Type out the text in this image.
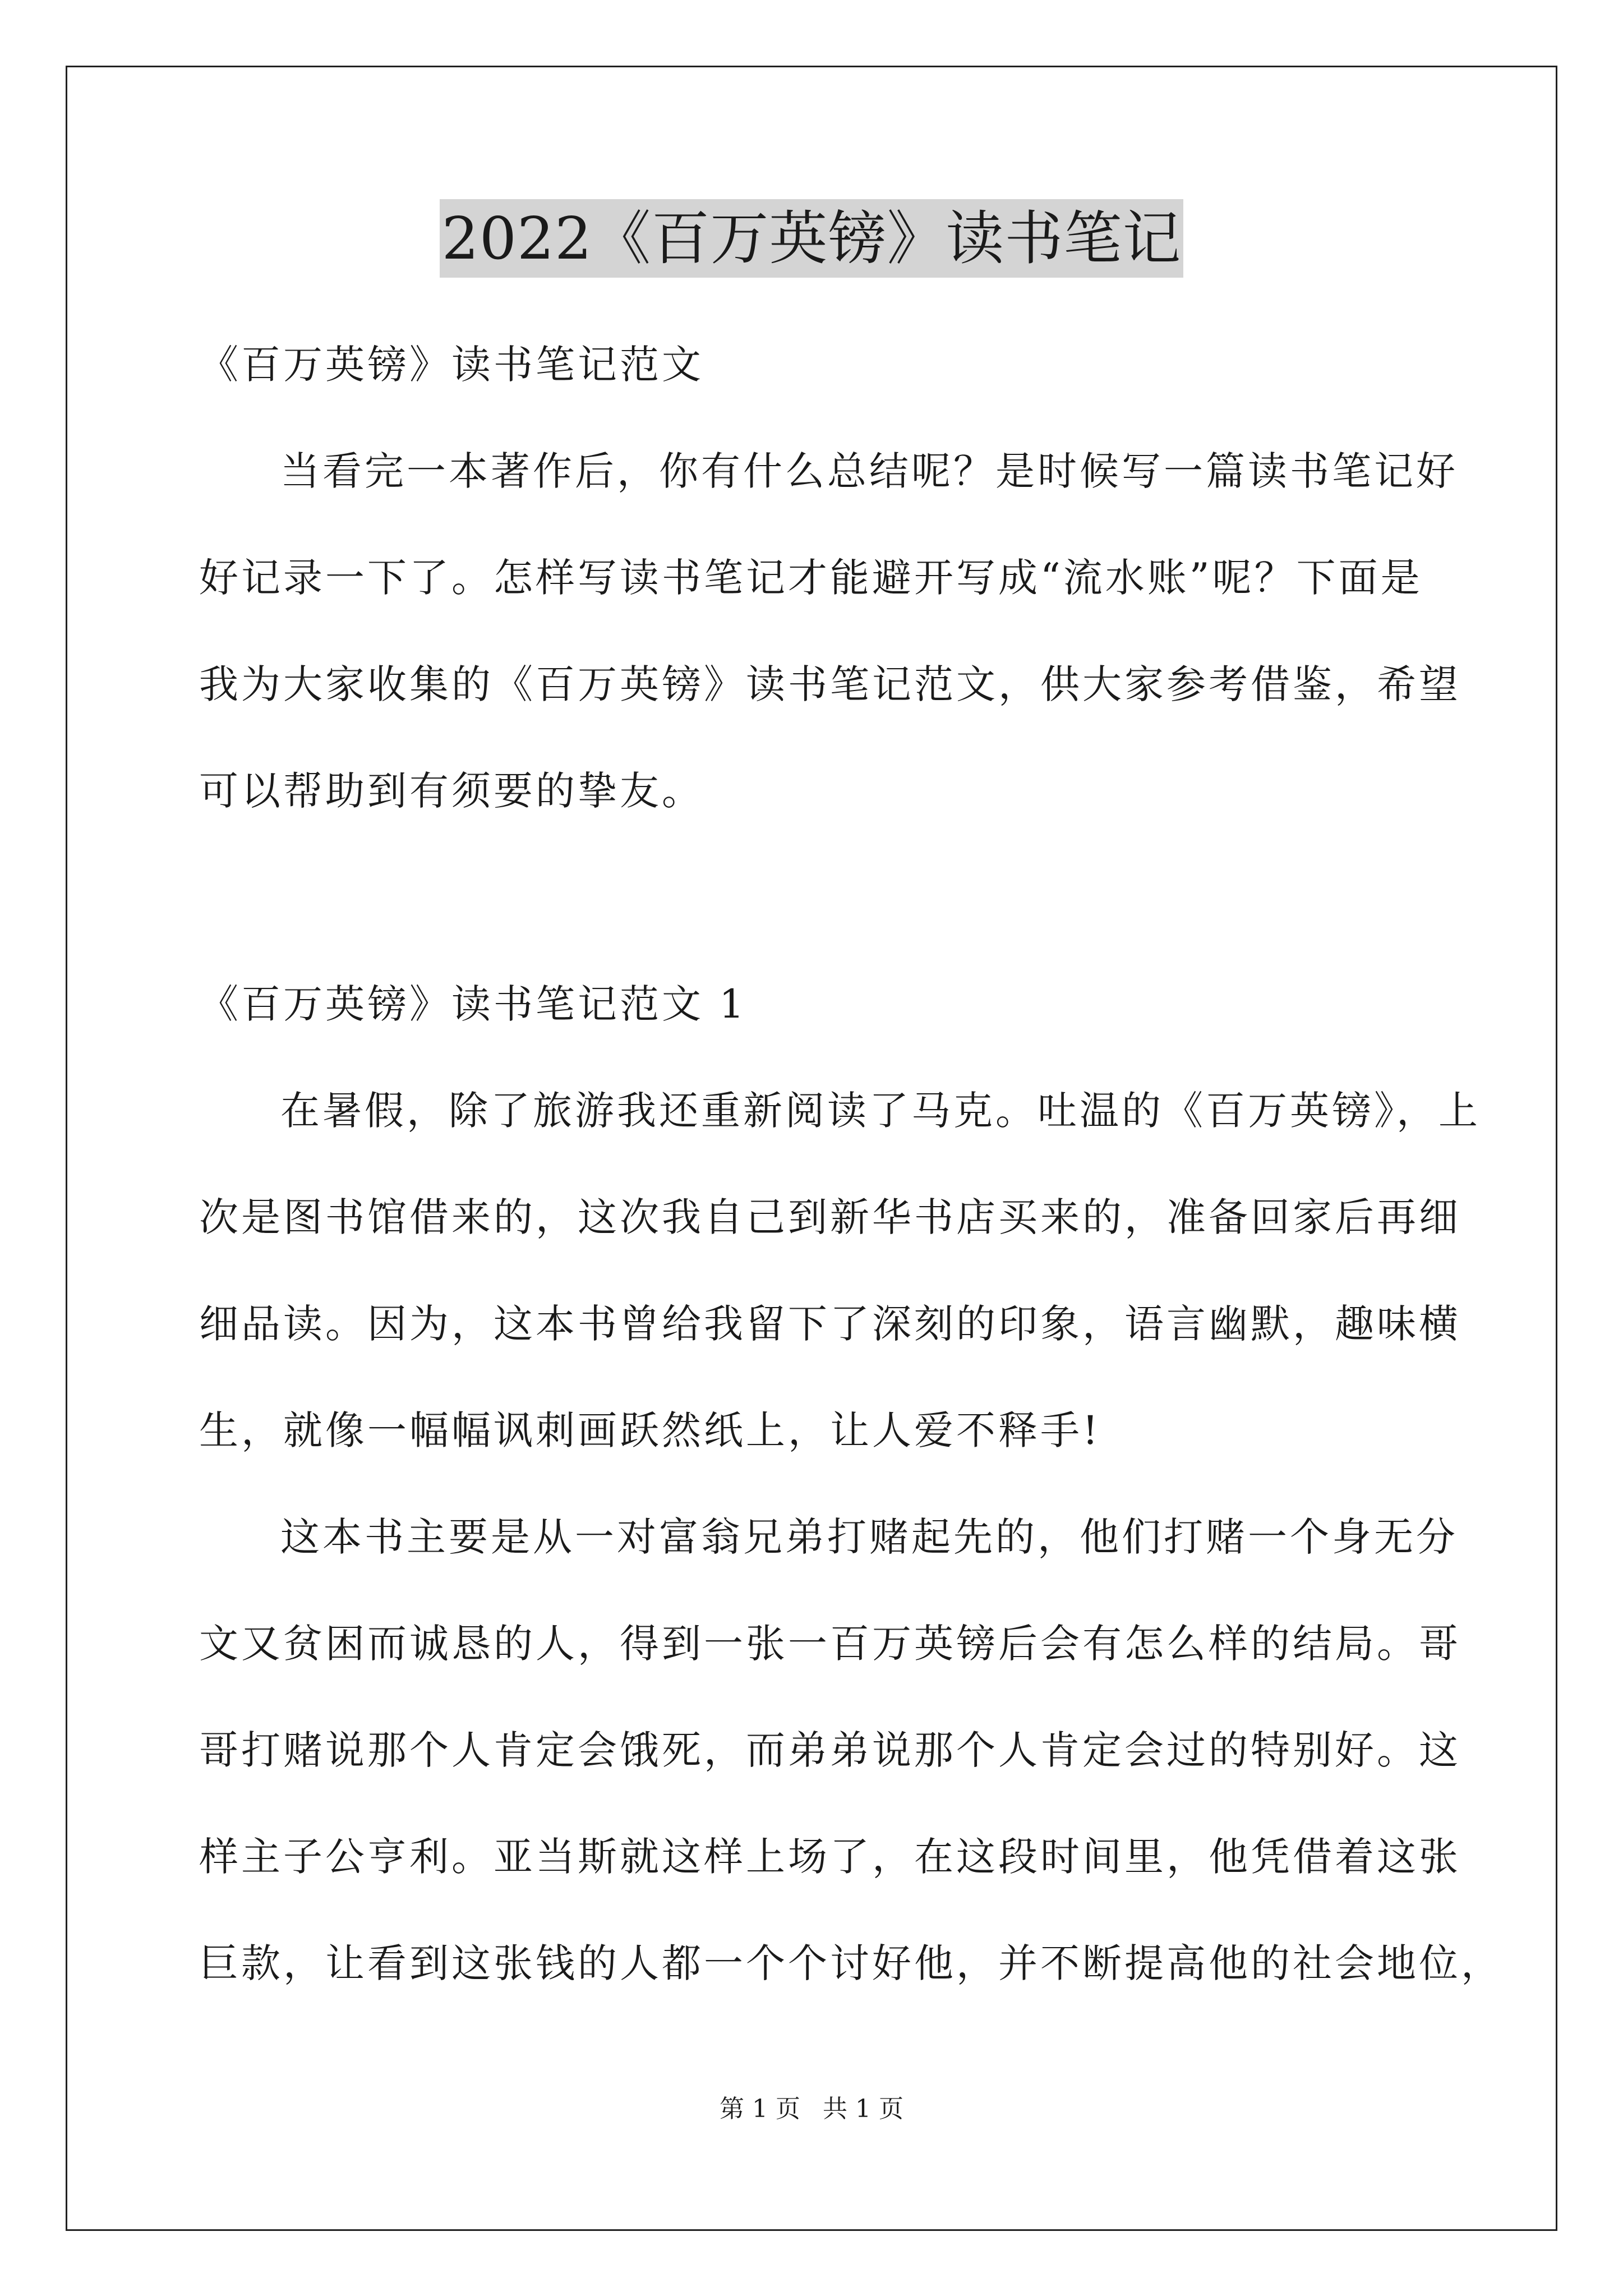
2022《百万英镑》读书笔记
《百万英镑》读书笔记范文
当看完一本著作后，你有什么总结呢？是时候写一篇读书笔记好
好记录一下了。怎样写读书笔记才能避开写成“流水账”呢？下面是
我为大家收集的《百万英镑》读书笔记范文，供大家参考借鉴，希望
可以帮助到有须要的挚友。
《百万英镑》读书笔记范文 1
在暑假，除了旅游我还重新阅读了马克。吐温的《百万英镑》，上
次是图书馆借来的，这次我自己到新华书店买来的，准备回家后再细
细品读。因为，这本书曾给我留下了深刻的印象，语言幽默，趣味横
生，就像一幅幅讽刺画跃然纸上，让人爱不释手!
这本书主要是从一对富翁兄弟打赌起先的，他们打赌一个身无分
文又贫困而诚恳的人，得到一张一百万英镑后会有怎么样的结局。哥
哥打赌说那个人肯定会饿死，而弟弟说那个人肯定会过的特别好。这
样主子公亨利。亚当斯就这样上场了，在这段时间里，他凭借着这张
巨款，让看到这张钱的人都一个个讨好他，并不断提高他的社会地位，
第 1 页 共 1 页
